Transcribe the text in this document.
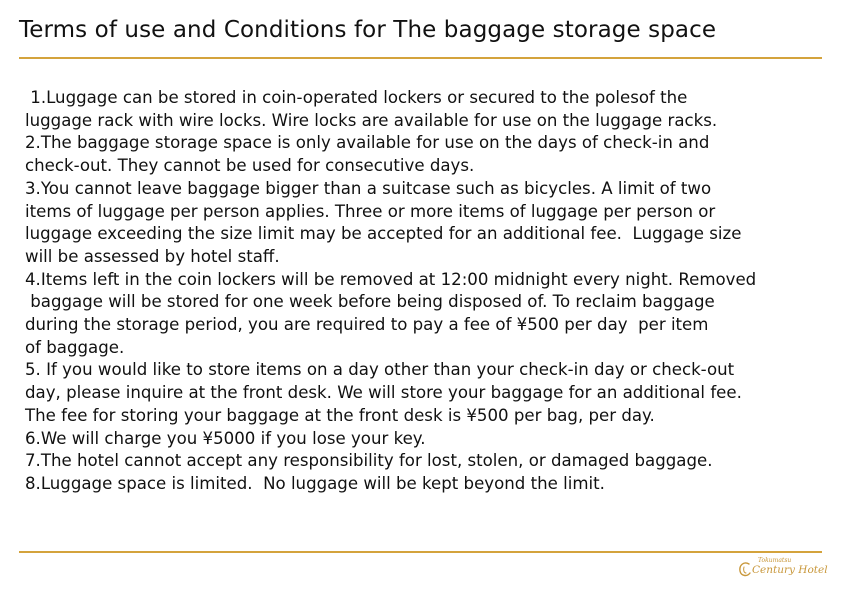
Terms of use and Conditions for The baggage storage space
1.Luggage can be stored in coin-operated lockers or secured to the polesof the
luggage rack with wire locks. Wire locks are available for use on the luggage racks.
2.The baggage storage space is only available for use on the days of check-in and
check-out. They cannot be used for consecutive days.
3.You cannot leave baggage bigger than a suitcase such as bicycles. A limit of two
items of luggage per person applies. Three or more items of luggage per person or
luggage exceeding the size limit may be accepted for an additional fee.  Luggage size
will be assessed by hotel staff.
4.Items left in the coin lockers will be removed at 12:00 midnight every night. Removed
baggage will be stored for one week before being disposed of. To reclaim baggage
during the storage period, you are required to pay a fee of ¥500 per day  per item
of baggage.
5. If you would like to store items on a day other than your check-in day or check-out
day, please inquire at the front desk. We will store your baggage for an additional fee.
The fee for storing your baggage at the front desk is ¥500 per bag, per day.
6.We will charge you ¥5000 if you lose your key.
7.The hotel cannot accept any responsibility for lost, stolen, or damaged baggage.
8.Luggage space is limited.  No luggage will be kept beyond the limit.
Tokumatsu
Century Hotel
